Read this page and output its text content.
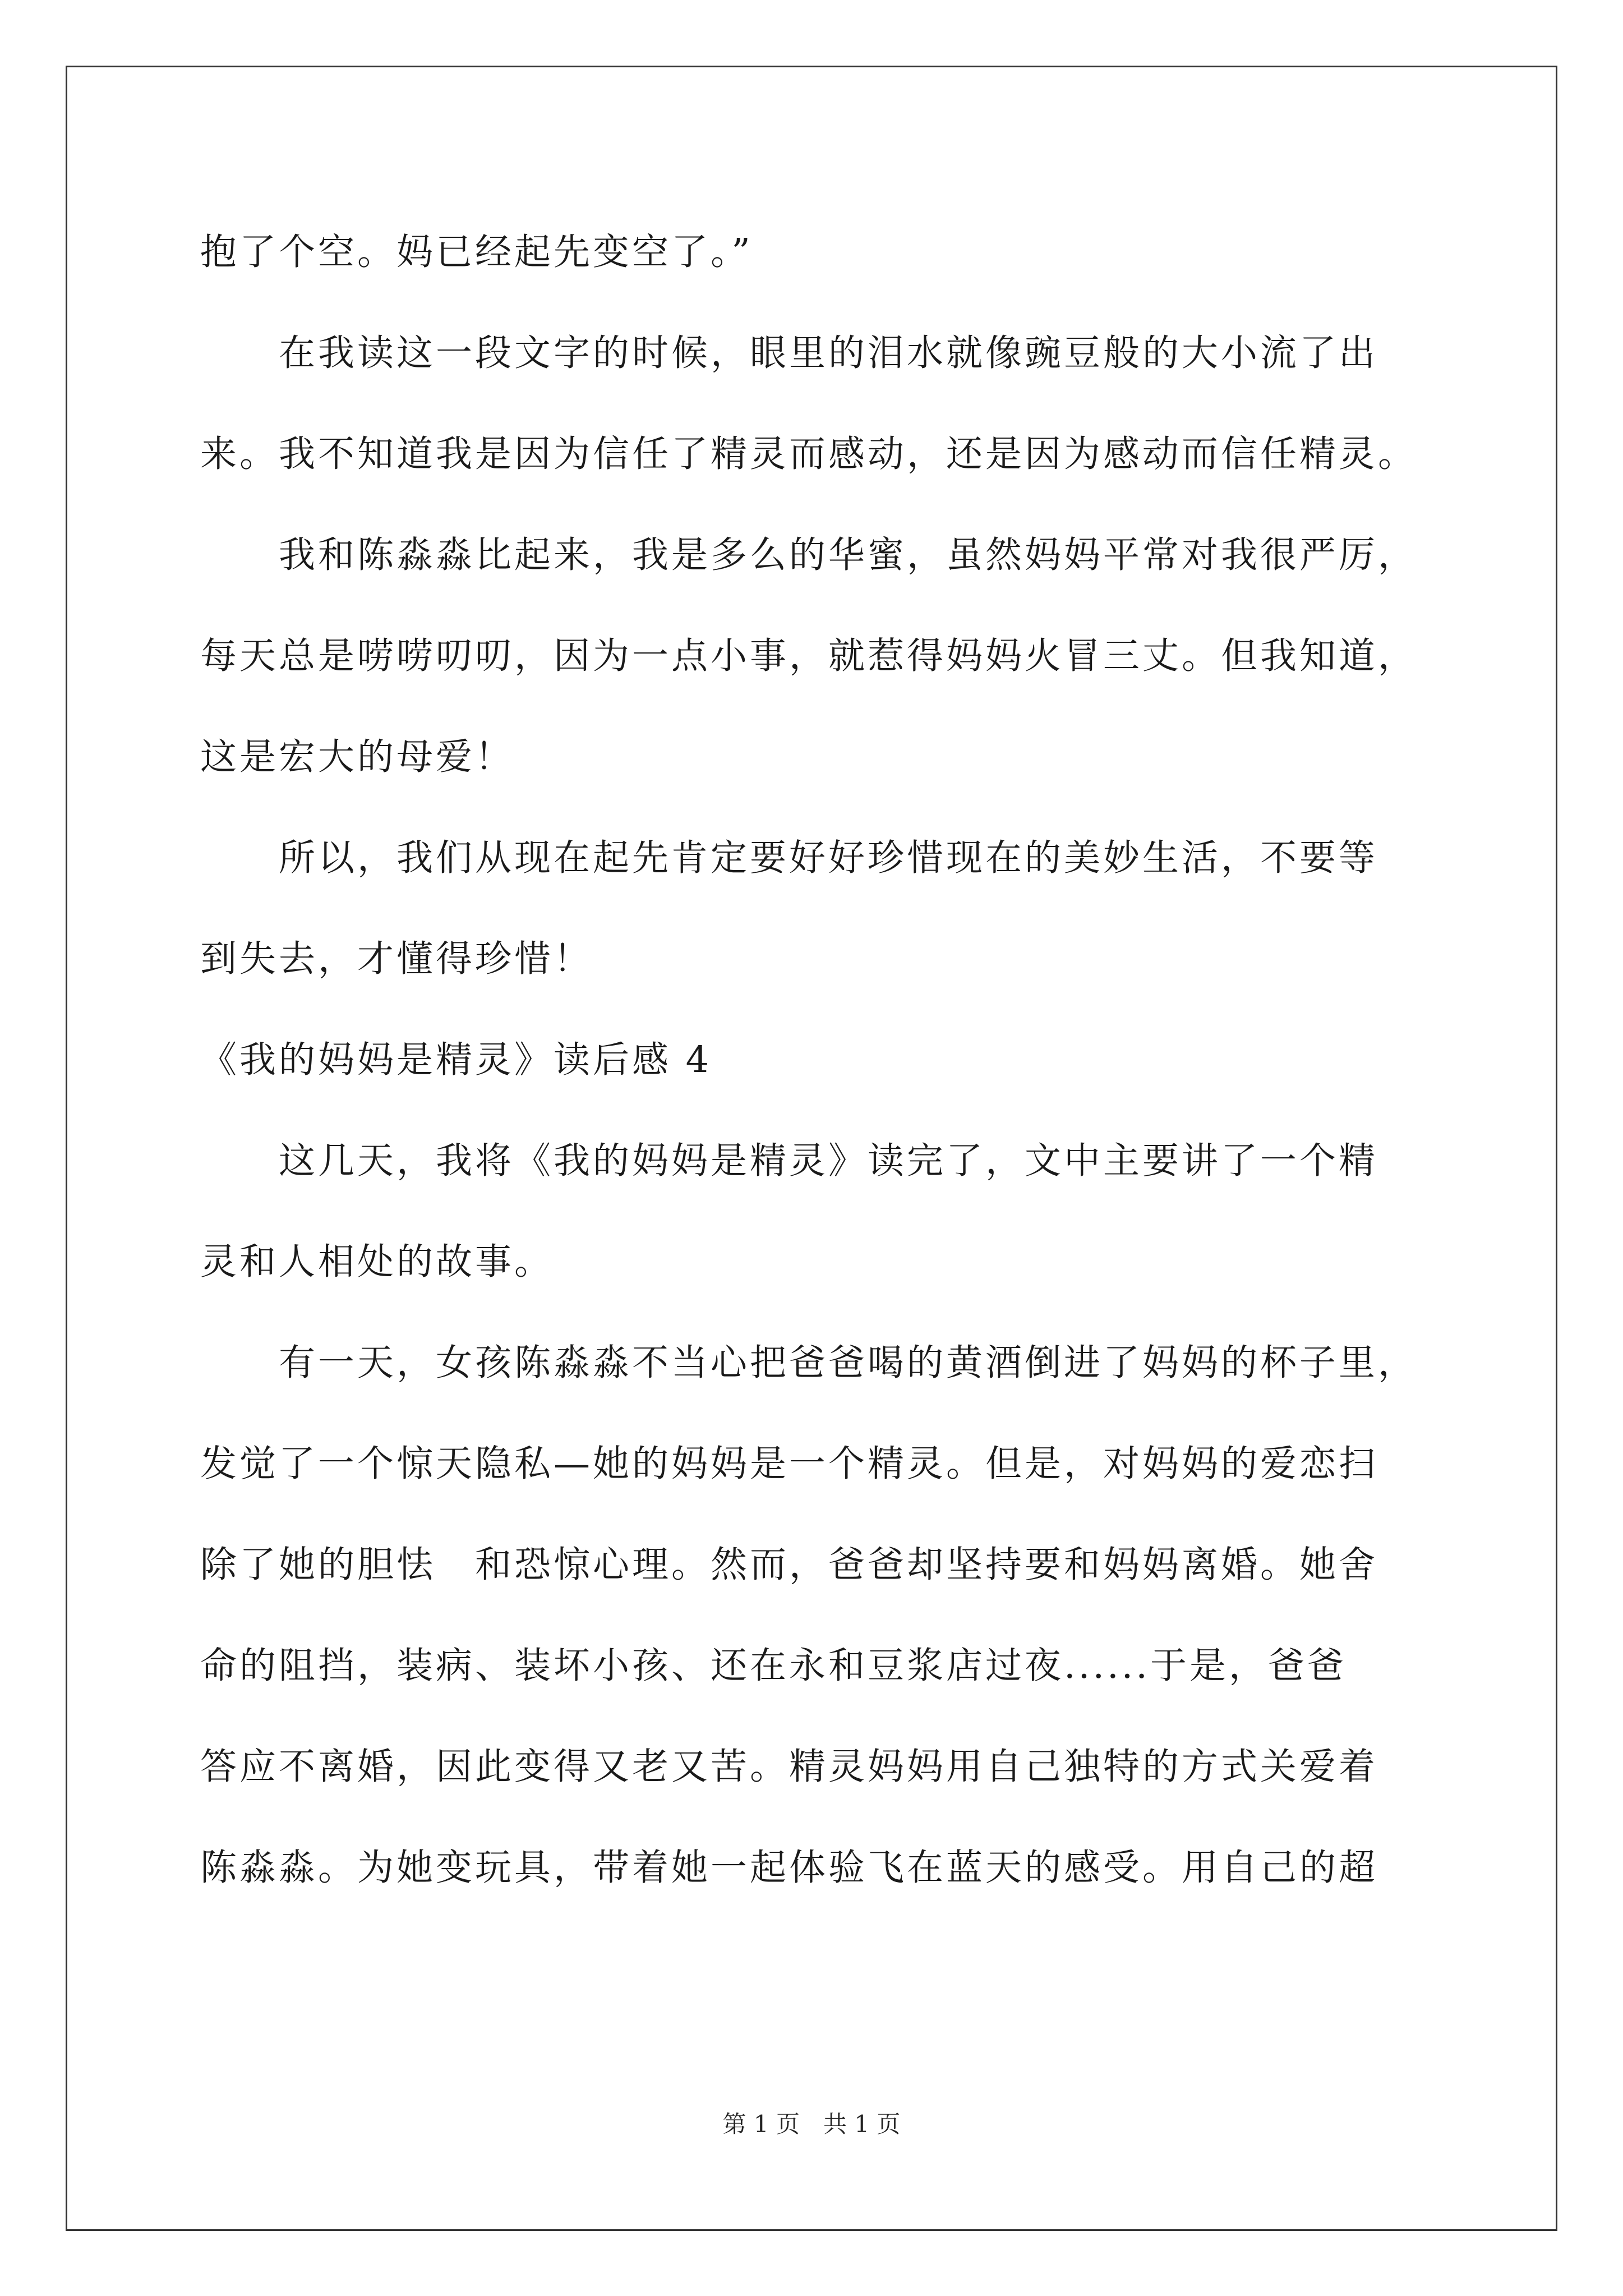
抱了个空。妈已经起先变空了。”
在我读这一段文字的时候，眼里的泪水就像豌豆般的大小流了出
来。我不知道我是因为信任了精灵而感动，还是因为感动而信任精灵。
我和陈淼淼比起来，我是多么的华蜜，虽然妈妈平常对我很严厉，
每天总是唠唠叨叨，因为一点小事，就惹得妈妈火冒三丈。但我知道，
这是宏大的母爱！
所以，我们从现在起先肯定要好好珍惜现在的美妙生活，不要等
到失去，才懂得珍惜！
《我的妈妈是精灵》读后感 4
这几天，我将《我的妈妈是精灵》读完了，文中主要讲了一个精
灵和人相处的故事。
有一天，女孩陈淼淼不当心把爸爸喝的黄酒倒进了妈妈的杯子里，
发觉了一个惊天隐私—她的妈妈是一个精灵。但是，对妈妈的爱恋扫
除了她的胆怯　和恐惊心理。然而，爸爸却坚持要和妈妈离婚。她舍
命的阻挡，装病、装坏小孩、还在永和豆浆店过夜......于是，爸爸
答应不离婚，因此变得又老又苦。精灵妈妈用自己独特的方式关爱着
陈淼淼。为她变玩具，带着她一起体验飞在蓝天的感受。用自己的超
第 1 页　共 1 页
